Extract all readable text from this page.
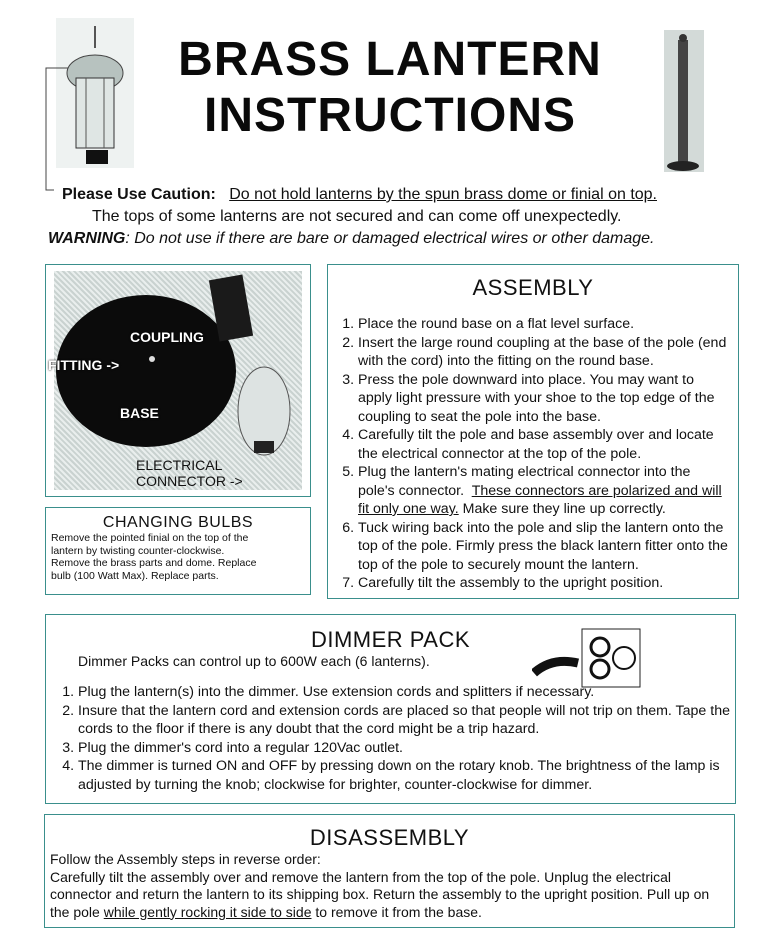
BRASS LANTERN
INSTRUCTIONS
Please Use Caution: Do not hold lanterns by the spun brass dome or finial on top.
The tops of some lanterns are not secured and can come off unexpectedly.
WARNING: Do not use if there are bare or damaged electrical wires or other damage.
COUPLING
FITTING ->
BASE
ELECTRICAL
CONNECTOR ->
CHANGING BULBS
Remove the pointed finial on the top of the
lantern by twisting counter-clockwise.
Remove the brass parts and dome. Replace
bulb (100 Watt Max). Replace parts.
ASSEMBLY
1. Place the round base on a flat level surface.
2. Insert the large round coupling at the base of the pole (end with the cord) into the fitting on the round base.
3. Press the pole downward into place. You may want to apply light pressure with your shoe to the top edge of the coupling to seat the pole into the base.
4. Carefully tilt the pole and base assembly over and locate the electrical connector at the top of the pole.
5. Plug the lantern's mating electrical connector into the pole's connector. These connectors are polarized and will fit only one way. Make sure they line up correctly.
6. Tuck wiring back into the pole and slip the lantern onto the top of the pole. Firmly press the black lantern fitter onto the top of the pole to securely mount the lantern.
7. Carefully tilt the assembly to the upright position.
DIMMER PACK
Dimmer Packs can control up to 600W each (6 lanterns).
1. Plug the lantern(s) into the dimmer. Use extension cords and splitters if necessary.
2. Insure that the lantern cord and extension cords are placed so that people will not trip on them. Tape the cords to the floor if there is any doubt that the cord might be a trip hazard.
3. Plug the dimmer's cord into a regular 120Vac outlet.
4. The dimmer is turned ON and OFF by pressing down on the rotary knob. The brightness of the lamp is adjusted by turning the knob; clockwise for brighter, counter-clockwise for dimmer.
DISASSEMBLY
Follow the Assembly steps in reverse order:
Carefully tilt the assembly over and remove the lantern from the top of the pole. Unplug the electrical connector and return the lantern to its shipping box. Return the assembly to the upright position. Pull up on the pole while gently rocking it side to side to remove it from the base.
